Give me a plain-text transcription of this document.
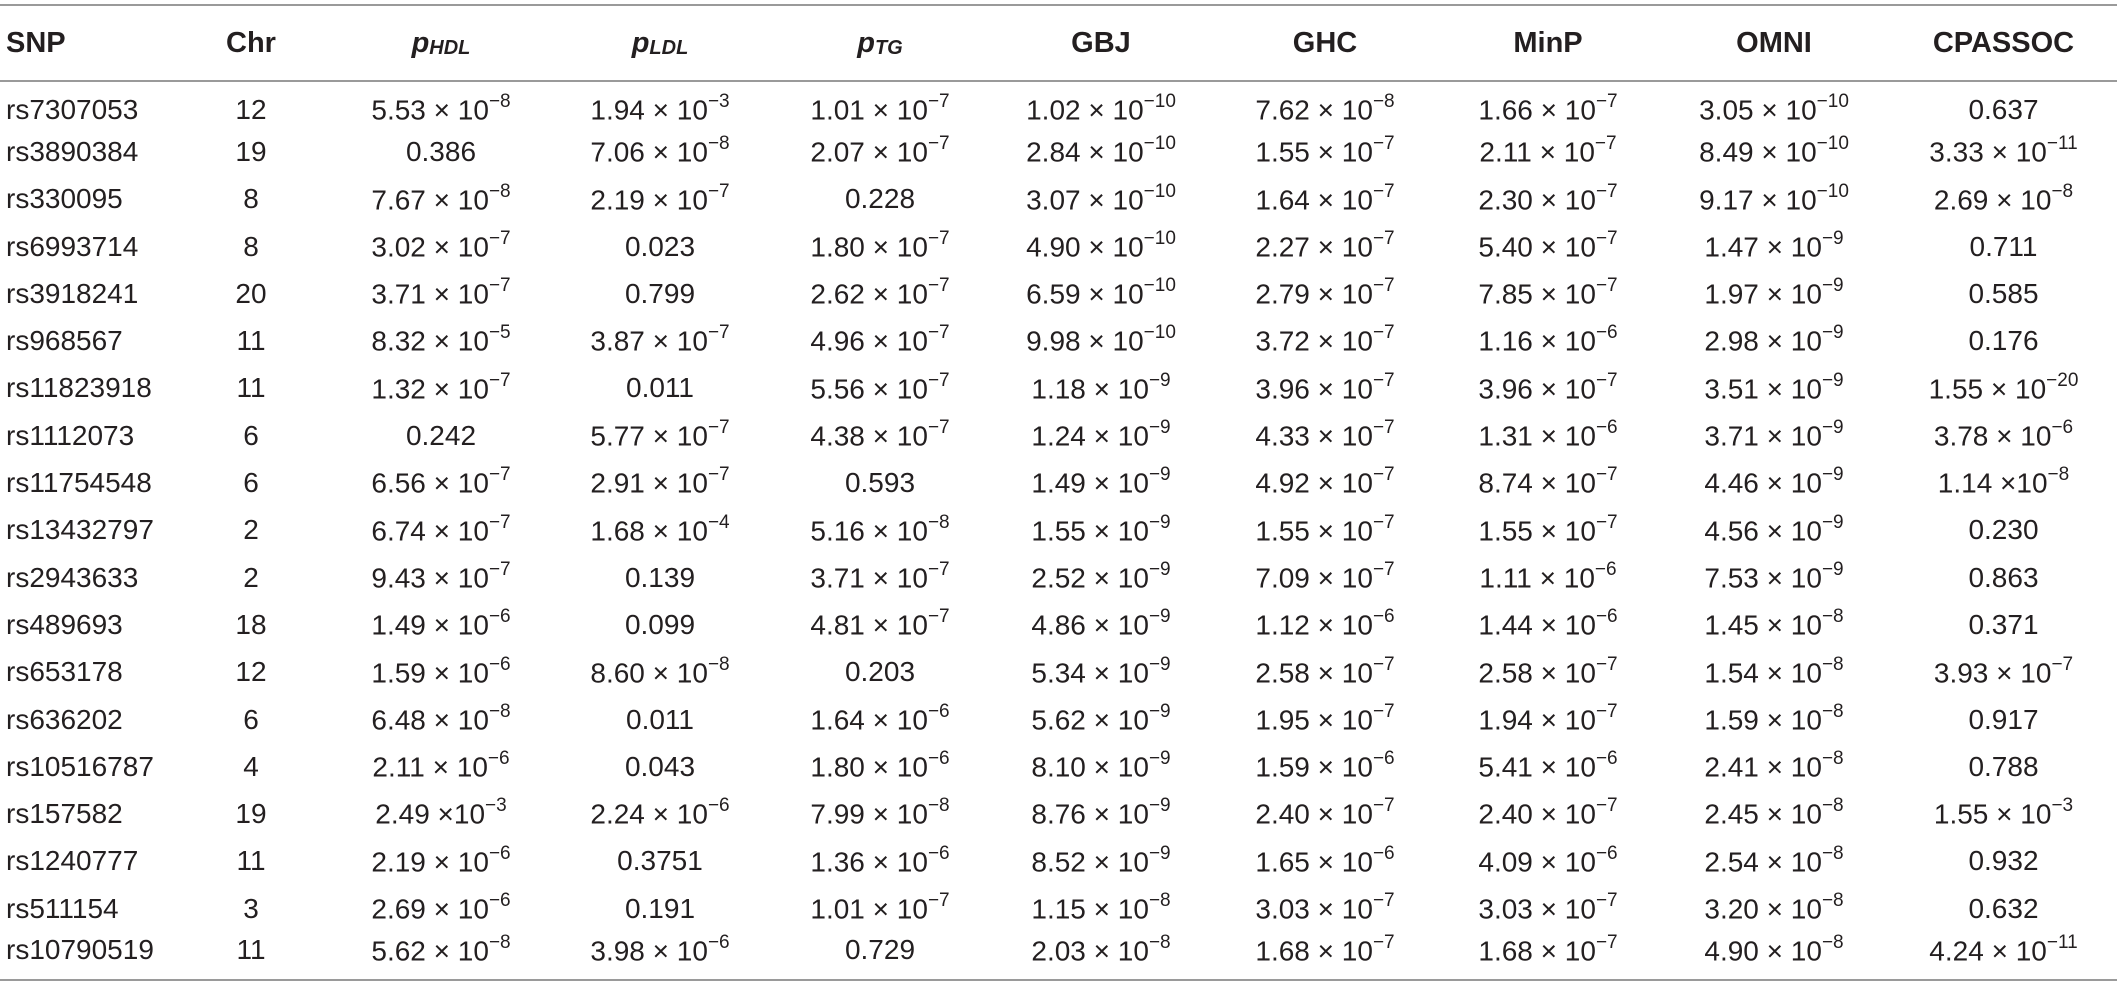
SNP	Chr	$p_{HDL}$	$p_{LDL}$	$p_{TG}$	GBJ	GHC	MinP	OMNI	CPASSOC
rs7307053	12	$5.53 \times 10^{-8}$	$1.94 \times 10^{-3}$	$1.01 \times 10^{-7}$	$1.02 \times 10^{-10}$	$7.62 \times 10^{-8}$	$1.66 \times 10^{-7}$	$3.05 \times 10^{-10}$	0.637
rs3890384	19	0.386	$7.06 \times 10^{-8}$	$2.07 \times 10^{-7}$	$2.84 \times 10^{-10}$	$1.55 \times 10^{-7}$	$2.11 \times 10^{-7}$	$8.49 \times 10^{-10}$	$3.33 \times 10^{-11}$
rs330095	8	$7.67 \times 10^{-8}$	$2.19 \times 10^{-7}$	0.228	$3.07 \times 10^{-10}$	$1.64 \times 10^{-7}$	$2.30 \times 10^{-7}$	$9.17 \times 10^{-10}$	$2.69 \times 10^{-8}$
rs6993714	8	$3.02 \times 10^{-7}$	0.023	$1.80 \times 10^{-7}$	$4.90 \times 10^{-10}$	$2.27 \times 10^{-7}$	$5.40 \times 10^{-7}$	$1.47 \times 10^{-9}$	0.711
rs3918241	20	$3.71 \times 10^{-7}$	0.799	$2.62 \times 10^{-7}$	$6.59 \times 10^{-10}$	$2.79 \times 10^{-7}$	$7.85 \times 10^{-7}$	$1.97 \times 10^{-9}$	0.585
rs968567	11	$8.32 \times 10^{-5}$	$3.87 \times 10^{-7}$	$4.96 \times 10^{-7}$	$9.98 \times 10^{-10}$	$3.72 \times 10^{-7}$	$1.16 \times 10^{-6}$	$2.98 \times 10^{-9}$	0.176
rs11823918	11	$1.32 \times 10^{-7}$	0.011	$5.56 \times 10^{-7}$	$1.18 \times 10^{-9}$	$3.96 \times 10^{-7}$	$3.96 \times 10^{-7}$	$3.51 \times 10^{-9}$	$1.55 \times 10^{-20}$
rs1112073	6	0.242	$5.77 \times 10^{-7}$	$4.38 \times 10^{-7}$	$1.24 \times 10^{-9}$	$4.33 \times 10^{-7}$	$1.31 \times 10^{-6}$	$3.71 \times 10^{-9}$	$3.78 \times 10^{-6}$
rs11754548	6	$6.56 \times 10^{-7}$	$2.91 \times 10^{-7}$	0.593	$1.49 \times 10^{-9}$	$4.92 \times 10^{-7}$	$8.74 \times 10^{-7}$	$4.46 \times 10^{-9}$	$1.14 \times 10^{-8}$
rs13432797	2	$6.74 \times 10^{-7}$	$1.68 \times 10^{-4}$	$5.16 \times 10^{-8}$	$1.55 \times 10^{-9}$	$1.55 \times 10^{-7}$	$1.55 \times 10^{-7}$	$4.56 \times 10^{-9}$	0.230
rs2943633	2	$9.43 \times 10^{-7}$	0.139	$3.71 \times 10^{-7}$	$2.52 \times 10^{-9}$	$7.09 \times 10^{-7}$	$1.11 \times 10^{-6}$	$7.53 \times 10^{-9}$	0.863
rs489693	18	$1.49 \times 10^{-6}$	0.099	$4.81 \times 10^{-7}$	$4.86 \times 10^{-9}$	$1.12 \times 10^{-6}$	$1.44 \times 10^{-6}$	$1.45 \times 10^{-8}$	0.371
rs653178	12	$1.59 \times 10^{-6}$	$8.60 \times 10^{-8}$	0.203	$5.34 \times 10^{-9}$	$2.58 \times 10^{-7}$	$2.58 \times 10^{-7}$	$1.54 \times 10^{-8}$	$3.93 \times 10^{-7}$
rs636202	6	$6.48 \times 10^{-8}$	0.011	$1.64 \times 10^{-6}$	$5.62 \times 10^{-9}$	$1.95 \times 10^{-7}$	$1.94 \times 10^{-7}$	$1.59 \times 10^{-8}$	0.917
rs10516787	4	$2.11 \times 10^{-6}$	0.043	$1.80 \times 10^{-6}$	$8.10 \times 10^{-9}$	$1.59 \times 10^{-6}$	$5.41 \times 10^{-6}$	$2.41 \times 10^{-8}$	0.788
rs157582	19	$2.49 \times 10^{-3}$	$2.24 \times 10^{-6}$	$7.99 \times 10^{-8}$	$8.76 \times 10^{-9}$	$2.40 \times 10^{-7}$	$2.40 \times 10^{-7}$	$2.45 \times 10^{-8}$	$1.55 \times 10^{-3}$
rs1240777	11	$2.19 \times 10^{-6}$	0.3751	$1.36 \times 10^{-6}$	$8.52 \times 10^{-9}$	$1.65 \times 10^{-6}$	$4.09 \times 10^{-6}$	$2.54 \times 10^{-8}$	0.932
rs511154	3	$2.69 \times 10^{-6}$	0.191	$1.01 \times 10^{-7}$	$1.15 \times 10^{-8}$	$3.03 \times 10^{-7}$	$3.03 \times 10^{-7}$	$3.20 \times 10^{-8}$	0.632
rs10790519	11	$5.62 \times 10^{-8}$	$3.98 \times 10^{-6}$	0.729	$2.03 \times 10^{-8}$	$1.68 \times 10^{-7}$	$1.68 \times 10^{-7}$	$4.90 \times 10^{-8}$	$4.24 \times 10^{-11}$
